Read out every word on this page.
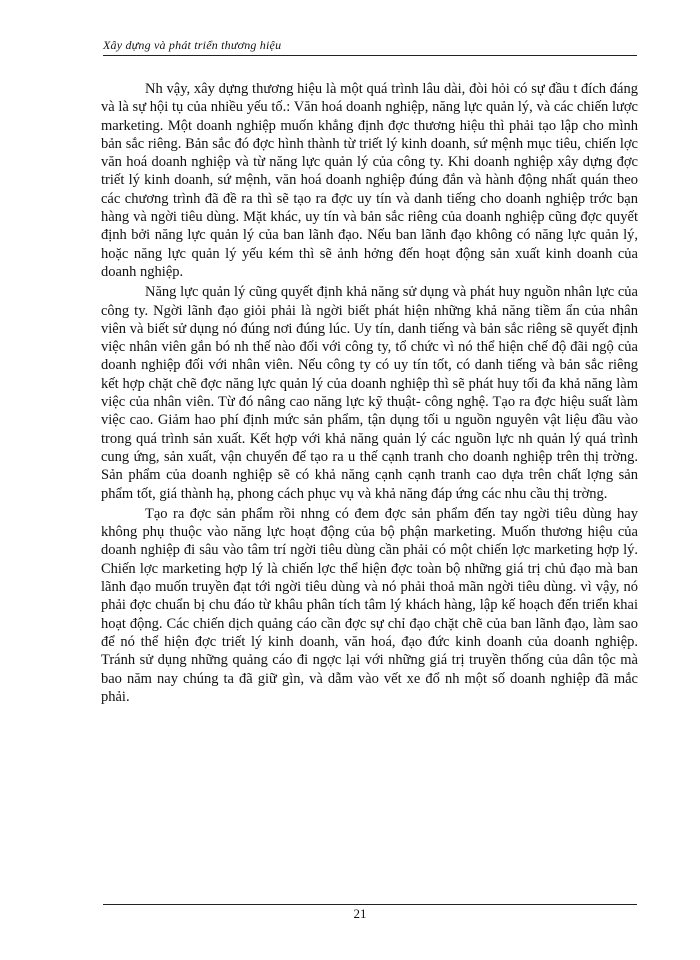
Xây dựng và phát triển thương hiệu

Nh vậy, xây dựng thương hiệu là một quá trình lâu dài, đòi hỏi có sự đầu t đích đáng và là sự hội tụ của nhiều yếu tố.: Văn hoá doanh nghiệp, năng lực quản lý, và các chiến lược marketing. Một doanh nghiệp muốn khẳng định đợc thương hiệu thì phải tạo lập cho mình bản sắc riêng. Bản sắc đó đợc hình thành từ triết lý kinh doanh, sứ mệnh mục tiêu, chiến lợc văn hoá doanh nghiệp và từ năng lực quản lý của công ty. Khi doanh nghiệp xây dựng đợc triết lý kinh doanh, sứ mệnh, văn hoá doanh nghiệp đúng đắn và hành động nhất quán theo các chương trình đã đề ra thì sẽ tạo ra đợc uy tín và danh tiếng cho doanh nghiệp trớc bạn hàng và ngời tiêu dùng. Mặt khác, uy tín và bản sắc riêng của doanh nghiệp cũng đợc quyết định bởi năng lực quản lý của ban lãnh đạo. Nếu ban lãnh đạo không có năng lực quản lý, hoặc năng lực quản lý yếu kém thì sẽ ảnh hởng đến hoạt động sản xuất kinh doanh của doanh nghiệp.

Năng lực quản lý cũng quyết định khả năng sử dụng và phát huy nguồn nhân lực của công ty. Ngời lãnh đạo giỏi phải là ngời biết phát hiện những khả năng tiềm ẩn của nhân viên và biết sử dụng nó đúng nơi đúng lúc. Uy tín, danh tiếng và bản sắc riêng sẽ quyết định việc nhân viên gắn bó nh thế nào đối với công ty, tổ chức vì nó thể hiện chế độ đãi ngộ của doanh nghiệp đối với nhân viên. Nếu công ty có uy tín tốt, có danh tiếng và bản sắc riêng kết hợp chặt chẽ đợc năng lực quản lý của doanh nghiệp thì sẽ phát huy tối đa khả năng làm việc của nhân viên. Từ đó nâng cao năng lực kỹ thuật- công nghệ. Tạo ra đợc hiệu suất làm việc cao. Giảm hao phí định mức sản phẩm, tận dụng tối u nguồn nguyên vật liệu đầu vào trong quá trình sản xuất. Kết hợp với khả năng quản lý các nguồn lực nh quản lý quá trình cung ứng, sản xuất, vận chuyển để tạo ra u thế cạnh tranh cho doanh nghiệp trên thị trờng. Sản phẩm của doanh nghiệp sẽ có khả năng cạnh cạnh tranh cao dựa trên chất lợng sản phẩm tốt, giá thành hạ, phong cách phục vụ và khả năng đáp ứng các nhu cầu thị trờng.

Tạo ra đợc sản phẩm rồi nhng có đem đợc sản phẩm đến tay ngời tiêu dùng hay không phụ thuộc vào năng lực hoạt động của bộ phận marketing. Muốn thương hiệu của doanh nghiệp đi sâu vào tâm trí ngời tiêu dùng cần phải có một chiến lợc marketing hợp lý. Chiến lợc marketing hợp lý là chiến lợc thể hiện đợc toàn bộ những giá trị chủ đạo mà ban lãnh đạo muốn truyền đạt tới ngời tiêu dùng và nó phải thoả mãn ngời tiêu dùng. vì vậy, nó phải đợc chuẩn bị chu đáo từ khâu phân tích tâm lý khách hàng, lập kế hoạch đến triển khai hoạt động. Các chiến dịch quảng cáo cần đợc sự chỉ đạo chặt chẽ của ban lãnh đạo, làm sao để nó thể hiện đợc triết lý kinh doanh, văn hoá, đạo đức kinh doanh của doanh nghiệp. Tránh sử dụng những quảng cáo đi ngợc lại với những giá trị truyền thống của dân tộc mà bao năm nay chúng ta đã giữ gìn, và dẫm vào vết xe đổ nh một số doanh nghiệp đã mắc phải.

21
